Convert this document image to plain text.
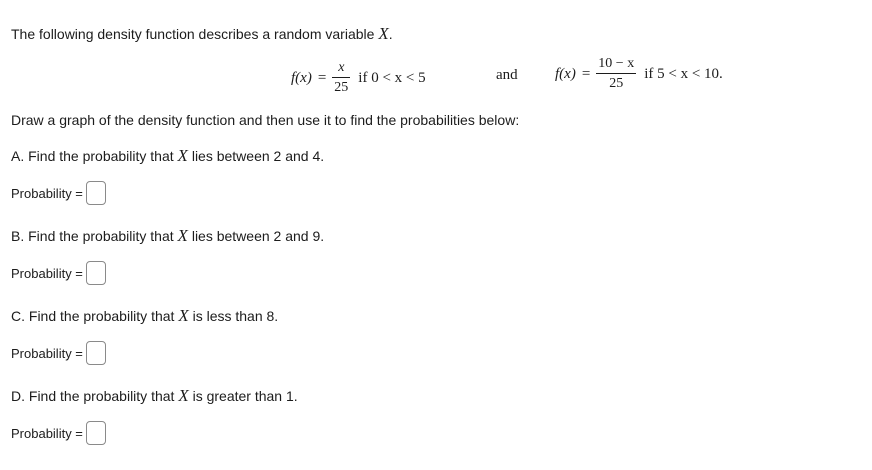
The following density function describes a random variable X.
$f(x) = \frac{x}{25}$ if 0 < x < 5	and $f(x) = \frac{10 - x}{25}$ if 5 < x < 10.
Draw a graph of the density function and then use it to find the probabilities below:
A. Find the probability that X lies between 2 and 4.
Probability =
B. Find the probability that X lies between 2 and 9.
Probability =
C. Find the probability that X is less than 8.
Probability =
D. Find the probability that X is greater than 1.
Probability =
